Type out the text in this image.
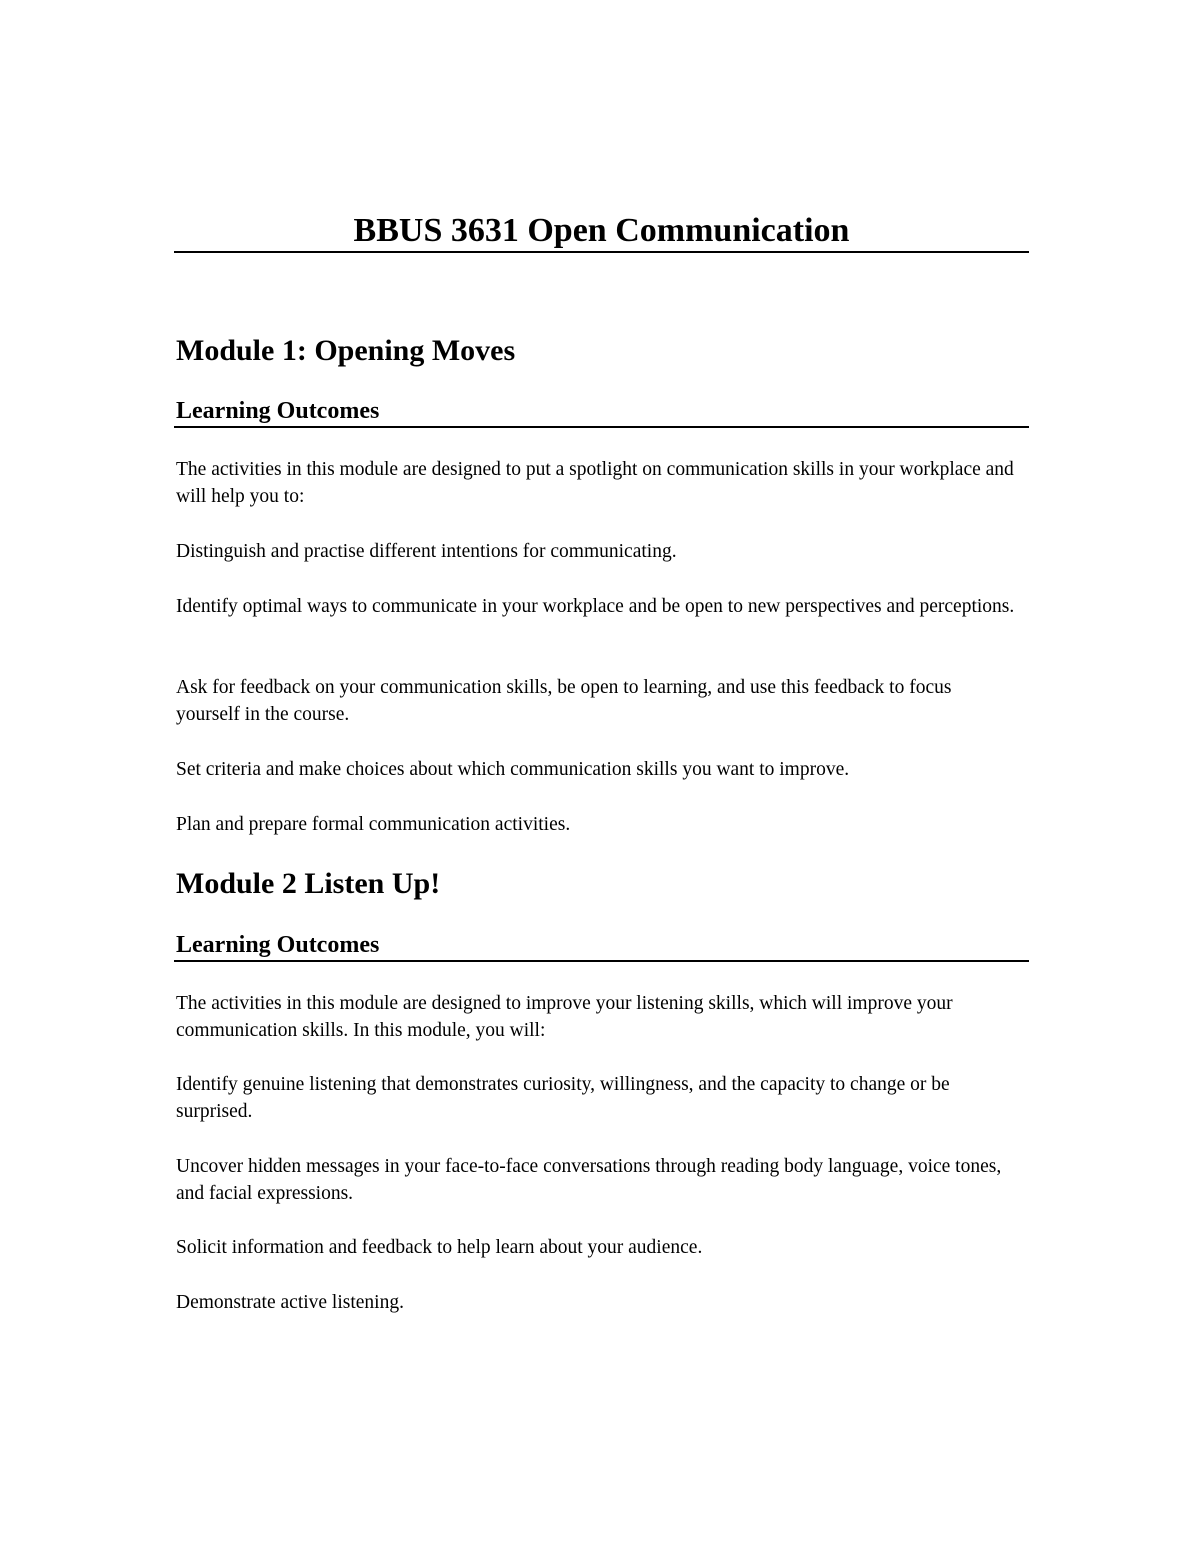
BBUS 3631 Open Communication
Module 1: Opening Moves
Learning Outcomes

The activities in this module are designed to put a spotlight on communication skills in your workplace and will help you to:

Distinguish and practise different intentions for communicating.

Identify optimal ways to communicate in your workplace and be open to new perspectives and perceptions.

Ask for feedback on your communication skills, be open to learning, and use this feedback to focus yourself in the course.

Set criteria and make choices about which communication skills you want to improve.

Plan and prepare formal communication activities.

Module 2 Listen Up!
Learning Outcomes

The activities in this module are designed to improve your listening skills, which will improve your communication skills. In this module, you will:

Identify genuine listening that demonstrates curiosity, willingness, and the capacity to change or be surprised.

Uncover hidden messages in your face-to-face conversations through reading body language, voice tones, and facial expressions.

Solicit information and feedback to help learn about your audience.

Demonstrate active listening.
